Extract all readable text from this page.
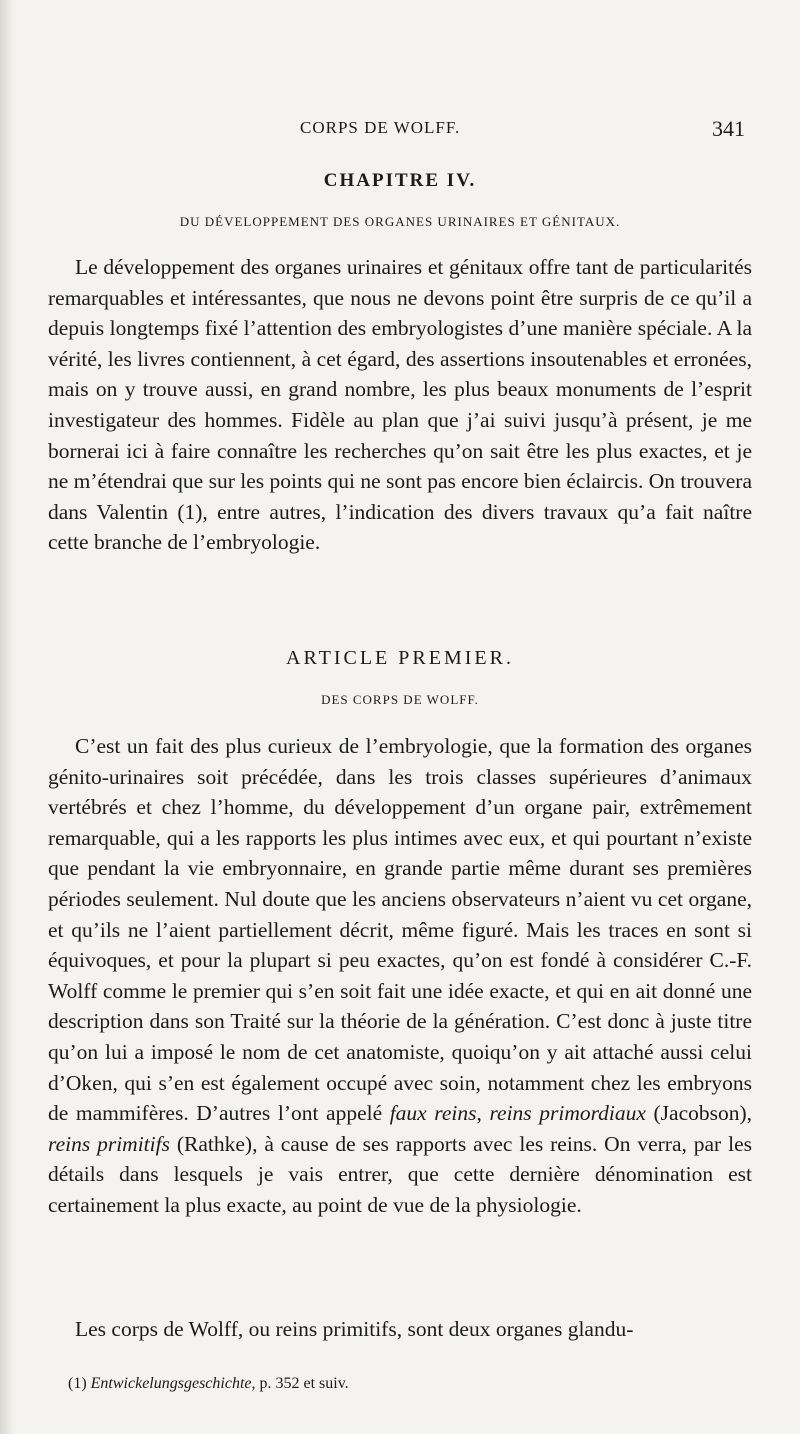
CORPS DE WOLFF.	341
CHAPITRE IV.
DU DÉVELOPPEMENT DES ORGANES URINAIRES ET GÉNITAUX.

Le développement des organes urinaires et génitaux offre tant de particularités remarquables et intéressantes, que nous ne devons point être surpris de ce qu’il a depuis longtemps fixé l’attention des embryologistes d’une manière spéciale. A la vérité, les livres contiennent, à cet égard, des assertions insoutenables et erronées, mais on y trouve aussi, en grand nombre, les plus beaux monuments de l’esprit investigateur des hommes. Fidèle au plan que j’ai suivi jusqu’à présent, je me bornerai ici à faire connaître les recherches qu’on sait être les plus exactes, et je ne m’étendrai que sur les points qui ne sont pas encore bien éclaircis. On trouvera dans Valentin (1), entre autres, l’indication des divers travaux qu’a fait naître cette branche de l’embryologie.

ARTICLE PREMIER.
DES CORPS DE WOLFF.

C’est un fait des plus curieux de l’embryologie, que la formation des organes génito-urinaires soit précédée, dans les trois classes supérieures d’animaux vertébrés et chez l’homme, du développement d’un organe pair, extrêmement remarquable, qui a les rapports les plus intimes avec eux, et qui pourtant n’existe que pendant la vie embryonnaire, en grande partie même durant ses premières périodes seulement. Nul doute que les anciens observateurs n’aient vu cet organe, et qu’ils ne l’aient partiellement décrit, même figuré. Mais les traces en sont si équivoques, et pour la plupart si peu exactes, qu’on est fondé à considérer C.-F. Wolff comme le premier qui s’en soit fait une idée exacte, et qui en ait donné une description dans son Traité sur la théorie de la génération. C’est donc à juste titre qu’on lui a imposé le nom de cet anatomiste, quoiqu’on y ait attaché aussi celui d’Oken, qui s’en est également occupé avec soin, notamment chez les embryons de mammifères. D’autres l’ont appelé faux reins, reins primordiaux (Jacobson), reins primitifs (Rathke), à cause de ses rapports avec les reins. On verra, par les détails dans lesquels je vais entrer, que cette dernière dénomination est certainement la plus exacte, au point de vue de la physiologie.

Les corps de Wolff, ou reins primitifs, sont deux organes glandu-

(1) Entwickelungsgeschichte, p. 352 et suiv.
